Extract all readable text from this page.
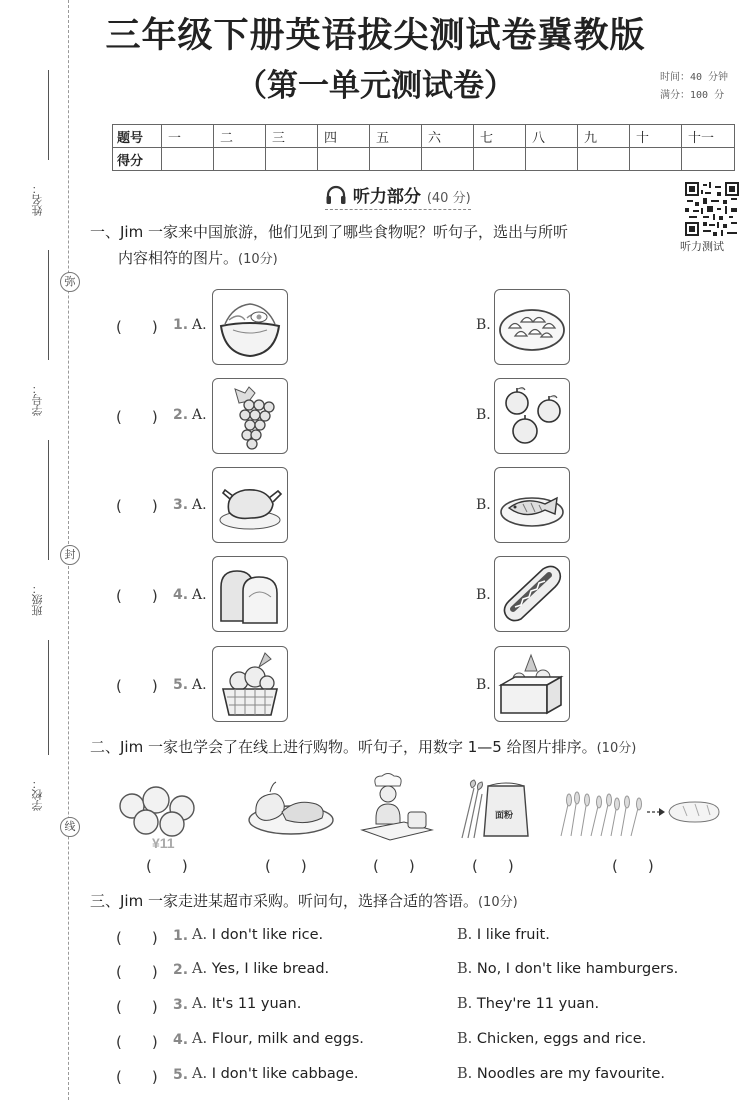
姓名：
学号：
班级：
学校：
弥
封
线
三年级下册英语拔尖测试卷冀教版
（第一单元测试卷）	时间：40 分钟
满分：100 分
题号	一	二	三	四	五	六	七	八	九	十	十一
得分											
听力测试
听力部分 (40 分)
一、Jim 一家来中国旅游，他们见到了哪些食物呢？听句子，选出与所听
内容相符的图片。(10分)
(　　) 1. A.	B.
(　　) 2. A.	B.
(　　) 3. A.	B.
(　　) 4. A.	B.
(　　) 5. A.	B.
二、Jim 一家也学会了在线上进行购物。听句子，用数字 1—5 给图片排序。(10分)
¥11
面粉
(　　)	(　　)	(　　)	(　　)	(　　)
三、Jim 一家走进某超市采购。听问句，选择合适的答语。(10分)
(　　) 1. A. I don't like rice.	B. I like fruit.
(　　) 2. A. Yes, I like bread.	B. No, I don't like hamburgers.
(　　) 3. A. It's 11 yuan.	B. They're 11 yuan.
(　　) 4. A. Flour, milk and eggs.	B. Chicken, eggs and rice.
(　　) 5. A. I don't like cabbage.	B. Noodles are my favourite.
